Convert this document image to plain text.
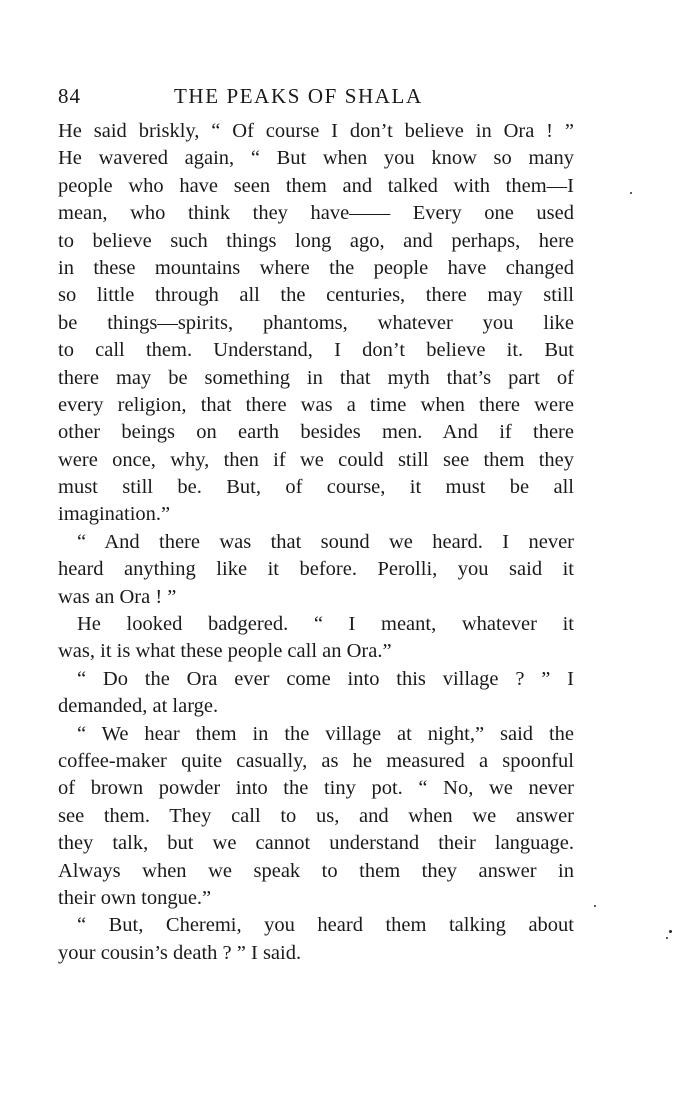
84	THE PEAKS OF SHALA
He said briskly, “ Of course I don’t believe in Ora ! ”
He wavered again, “ But when you know so many
people who have seen them and talked with them—I
mean, who think they have—— Every one used
to believe such things long ago, and perhaps, here
in these mountains where the people have changed
so little through all the centuries, there may still
be things—spirits, phantoms, whatever you like
to call them. Understand, I don’t believe it. But
there may be something in that myth that’s part of
every religion, that there was a time when there were
other beings on earth besides men. And if there
were once, why, then if we could still see them they
must still be. But, of course, it must be all
imagination.”
“ And there was that sound we heard. I never
heard anything like it before. Perolli, you said it
was an Ora ! ”
He looked badgered. “ I meant, whatever it
was, it is what these people call an Ora.”
“ Do the Ora ever come into this village ? ” I
demanded, at large.
“ We hear them in the village at night,” said the
coffee-maker quite casually, as he measured a spoonful
of brown powder into the tiny pot. “ No, we never
see them. They call to us, and when we answer
they talk, but we cannot understand their language.
Always when we speak to them they answer in
their own tongue.”
“ But, Cheremi, you heard them talking about
your cousin’s death ? ” I said.
